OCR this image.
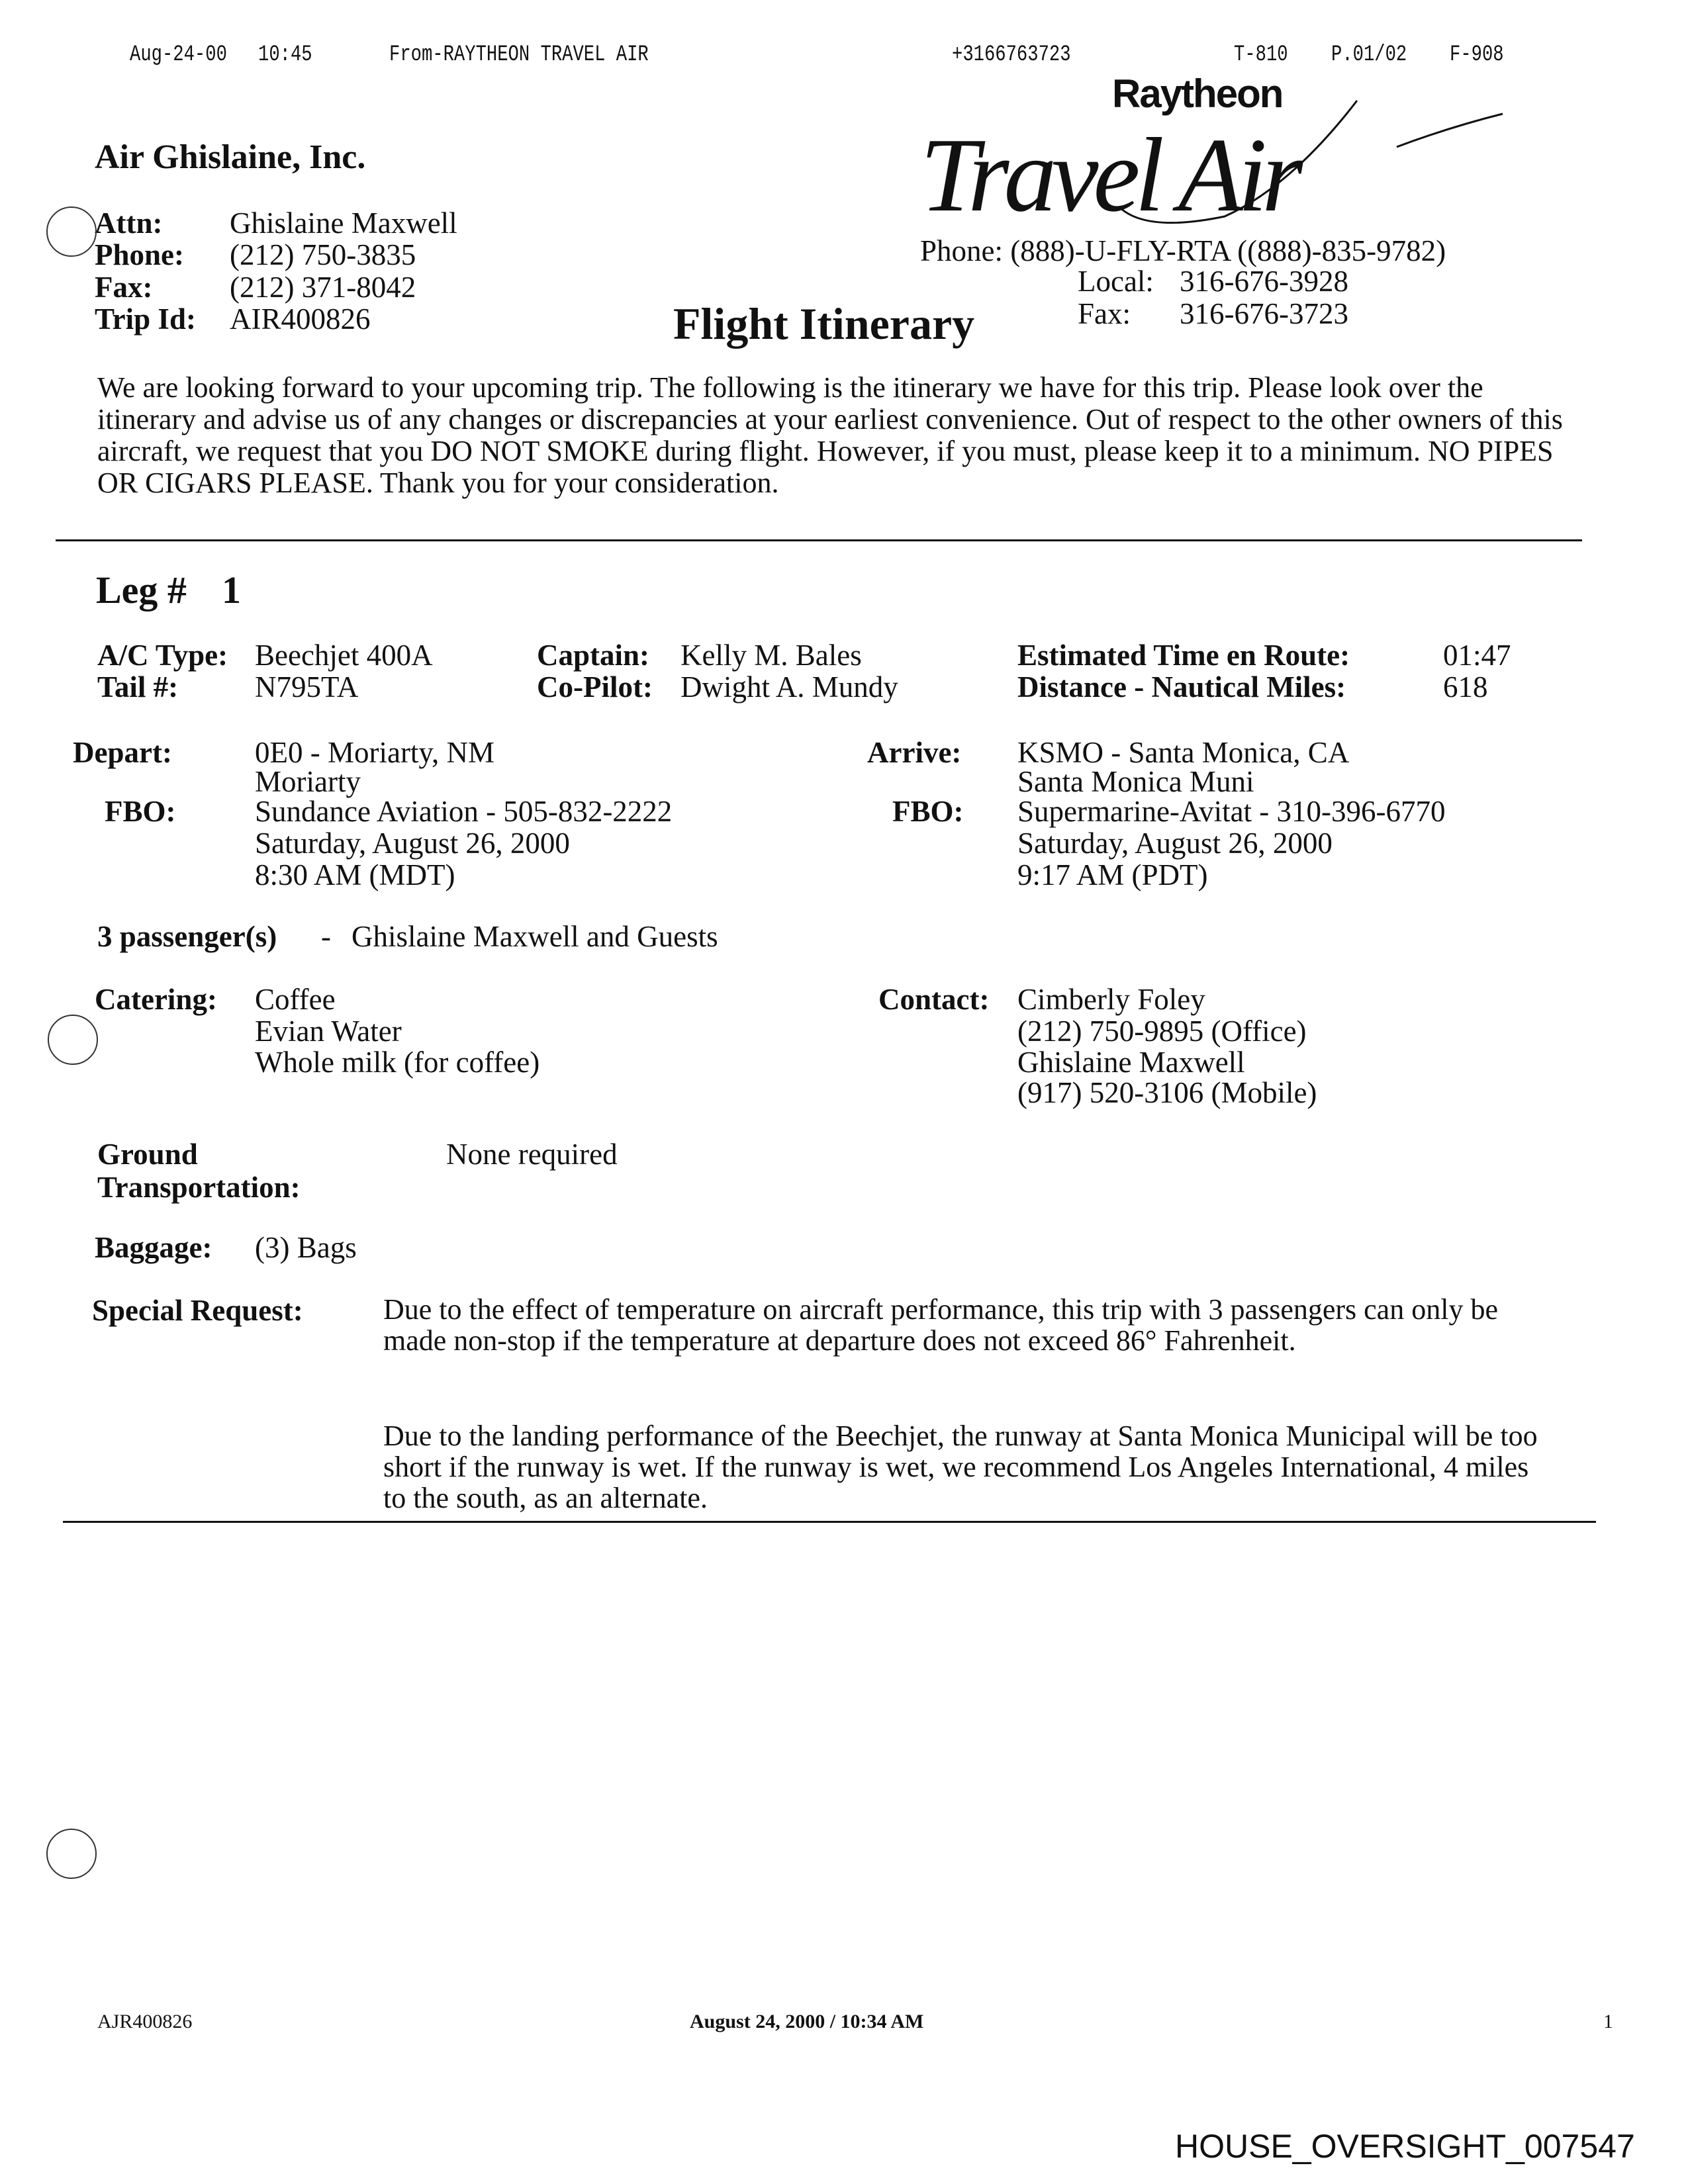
Aug-24-00 10:45	From-RAYTHEON TRAVEL AIR	+3166763723	T-810 P.01/02 F-908
Raytheon
Travel Air
Air Ghislaine, Inc.
Attn: Ghislaine Maxwell
Phone: (212) 750-3835
Fax:	(212) 371-8042
Trip Id: AIR400826
Phone: (888)-U-FLY-RTA ((888)-835-9782)
Local: 316-676-3928
Fax: 316-676-3723
Flight Itinerary
We are looking forward to your upcoming trip. The following is the itinerary we have for this trip. Please look over the itinerary and advise us of any changes or discrepancies at your earliest convenience. Out of respect to the other owners of this aircraft, we request that you DO NOT SMOKE during flight. However, if you must, please keep it to a minimum. NO PIPES OR CIGARS PLEASE. Thank you for your consideration.
Leg # 1
A/C Type: Beechjet 400A
Tail #:	N795TA
Captain: Kelly M. Bales
Co-Pilot: Dwight A. Mundy
Estimated Time en Route:	01:47
Distance - Nautical Miles:	618
Depart:	0E0 - Moriarty, NM
Moriarty
FBO:	Sundance Aviation - 505-832-2222
Saturday, August 26, 2000
8:30 AM (MDT)
Arrive: KSMO - Santa Monica, CA
Santa Monica Muni
FBO: Supermarine-Avitat - 310-396-6770
Saturday, August 26, 2000
9:17 AM (PDT)
3 passenger(s) - Ghislaine Maxwell and Guests
Catering: Coffee
Evian Water
Whole milk (for coffee)
Contact: Cimberly Foley
(212) 750-9895 (Office)
Ghislaine Maxwell
(917) 520-3106 (Mobile)
Ground
Transportation:
None required
Baggage: (3) Bags
Special Request:	Due to the effect of temperature on aircraft performance, this trip with 3 passengers can only be made non-stop if the temperature at departure does not exceed 86° Fahrenheit.
Due to the landing performance of the Beechjet, the runway at Santa Monica Municipal will be too short if the runway is wet. If the runway is wet, we recommend Los Angeles International, 4 miles to the south, as an alternate.
AJR400826	August 24, 2000 / 10:34 AM	1
HOUSE_OVERSIGHT_007547
